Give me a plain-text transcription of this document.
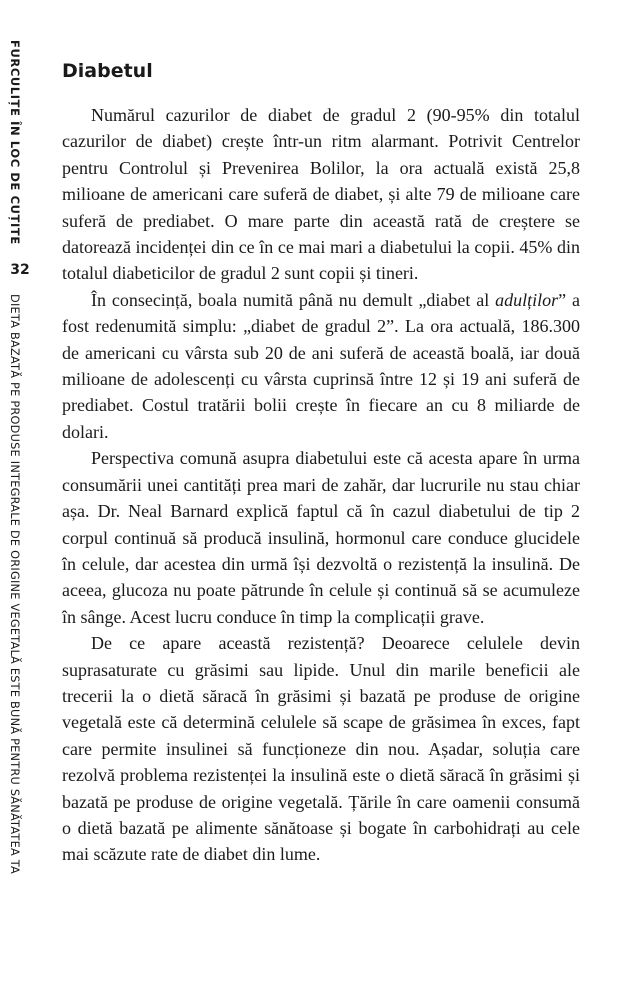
FURCULIȚE ÎN LOC DE CUȚITE
32
DIETA BAZATĂ PE PRODUSE INTEGRALE DE ORIGINE VEGETALĂ ESTE BUNĂ PENTRU SĂNĂTATEA TA
Diabetul

Numărul cazurilor de diabet de gradul 2 (90-95% din totalul cazurilor de diabet) crește într-un ritm alarmant. Potrivit Centrelor pentru Controlul și Prevenirea Bolilor, la ora actuală există 25,8 milioane de americani care suferă de diabet, și alte 79 de milioane care suferă de prediabet. O mare parte din această rată de creștere se datorează incidenței din ce în ce mai mari a diabetului la copii. 45% din totalul diabeticilor de gradul 2 sunt copii și tineri.

În consecință, boala numită până nu demult „diabet al adulților” a fost redenumită simplu: „diabet de gradul 2”. La ora actuală, 186.300 de americani cu vârsta sub 20 de ani suferă de această boală, iar două milioane de adolescenți cu vârsta cuprinsă între 12 și 19 ani suferă de prediabet. Costul tratării bolii crește în fiecare an cu 8 miliarde de dolari.

Perspectiva comună asupra diabetului este că acesta apare în urma consumării unei cantități prea mari de zahăr, dar lucrurile nu stau chiar așa. Dr. Neal Barnard explică faptul că în cazul diabetului de tip 2 corpul continuă să producă insulină, hormonul care conduce glucidele în celule, dar acestea din urmă își dezvoltă o rezistență la insulină. De aceea, glucoza nu poate pătrunde în celule și continuă să se acumuleze în sânge. Acest lucru conduce în timp la complicații grave.

De ce apare această rezistență? Deoarece celulele devin suprasaturate cu grăsimi sau lipide. Unul din marile beneficii ale trecerii la o dietă săracă în grăsimi și bazată pe produse de origine vegetală este că determină celulele să scape de grăsimea în exces, fapt care permite insulinei să funcționeze din nou. Așadar, soluția care rezolvă problema rezistenței la insulină este o dietă săracă în grăsimi și bazată pe produse de origine vegetală. Țările în care oamenii consumă o dietă bazată pe alimente sănătoase și bogate în carbohidrați au cele mai scăzute rate de diabet din lume.
